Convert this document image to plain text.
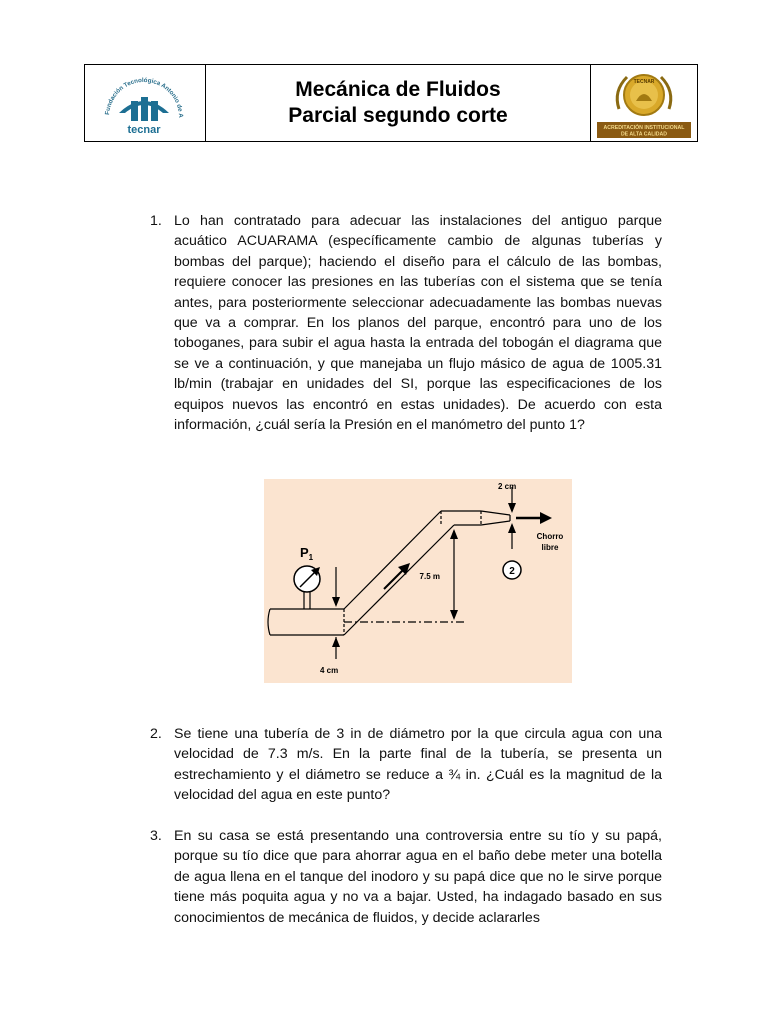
Fundación Tecnológica Antonio de A
tecnar
Mecánica de Fluidos
Parcial segundo corte
TECNAR
ACREDITACIÓN INSTITUCIONAL
DE ALTA CALIDAD
1. Lo han contratado para adecuar las instalaciones del antiguo parque acuático ACUARAMA (específicamente cambio de algunas tuberías y bombas del parque); haciendo el diseño para el cálculo de las bombas, requiere conocer las presiones en las tuberías con el sistema que se tenía antes, para posteriormente seleccionar adecuadamente las bombas nuevas que va a comprar. En los planos del parque, encontró para uno de los toboganes, para subir el agua hasta la entrada del tobogán el diagrama que se ve a continuación, y que manejaba un flujo másico de agua de 1005.31 lb/min (trabajar en unidades del SI, porque las especificaciones de los equipos nuevos las encontró en estas unidades). De acuerdo con esta información, ¿cuál sería la Presión en el manómetro del punto 1?
$P_1$
2 cm
4 cm
7.5 m
Chorro
libre
2
2. Se tiene una tubería de 3 in de diámetro por la que circula agua con una velocidad de 7.3 m/s. En la parte final de la tubería, se presenta un estrechamiento y el diámetro se reduce a ¾ in. ¿Cuál es la magnitud de la velocidad del agua en este punto?
3. En su casa se está presentando una controversia entre su tío y su papá, porque su tío dice que para ahorrar agua en el baño debe meter una botella de agua llena en el tanque del inodoro y su papá dice que no le sirve porque tiene más poquita agua y no va a bajar. Usted, ha indagado basado en sus conocimientos de mecánica de fluidos, y decide aclararles
